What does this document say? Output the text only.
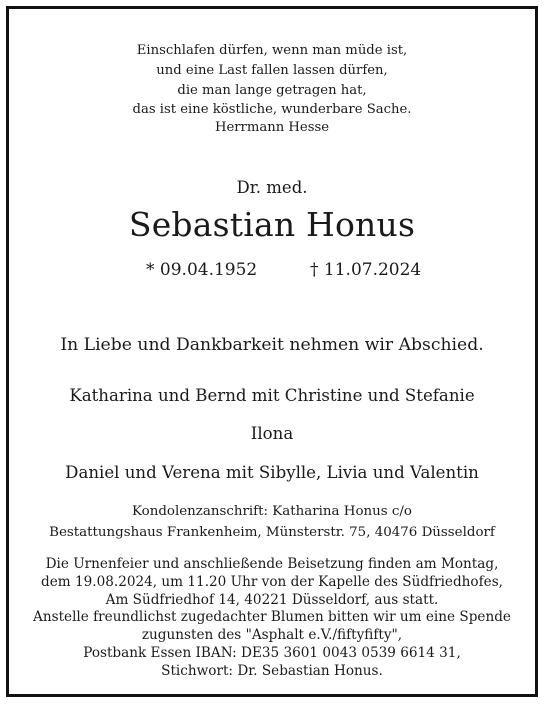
Einschlafen dürfen, wenn man müde ist,
und eine Last fallen lassen dürfen,
die man lange getragen hat,
das ist eine köstliche, wunderbare Sache.
Herrmann Hesse
Dr. med.
Sebastian Honus
* 09.04.1952	† 11.07.2024
In Liebe und Dankbarkeit nehmen wir Abschied.
Katharina und Bernd mit Christine und Stefanie
Ilona
Daniel und Verena mit Sibylle, Livia und Valentin
Kondolenzanschrift: Katharina Honus c/o
Bestattungshaus Frankenheim, Münsterstr. 75, 40476 Düsseldorf
Die Urnenfeier und anschließende Beisetzung finden am Montag,
dem 19.08.2024, um 11.20 Uhr von der Kapelle des Südfriedhofes,
Am Südfriedhof 14, 40221 Düsseldorf, aus statt.
Anstelle freundlichst zugedachter Blumen bitten wir um eine Spende
zugunsten des "Asphalt e.V./fiftyfifty",
Postbank Essen IBAN: DE35 3601 0043 0539 6614 31,
Stichwort: Dr. Sebastian Honus.
